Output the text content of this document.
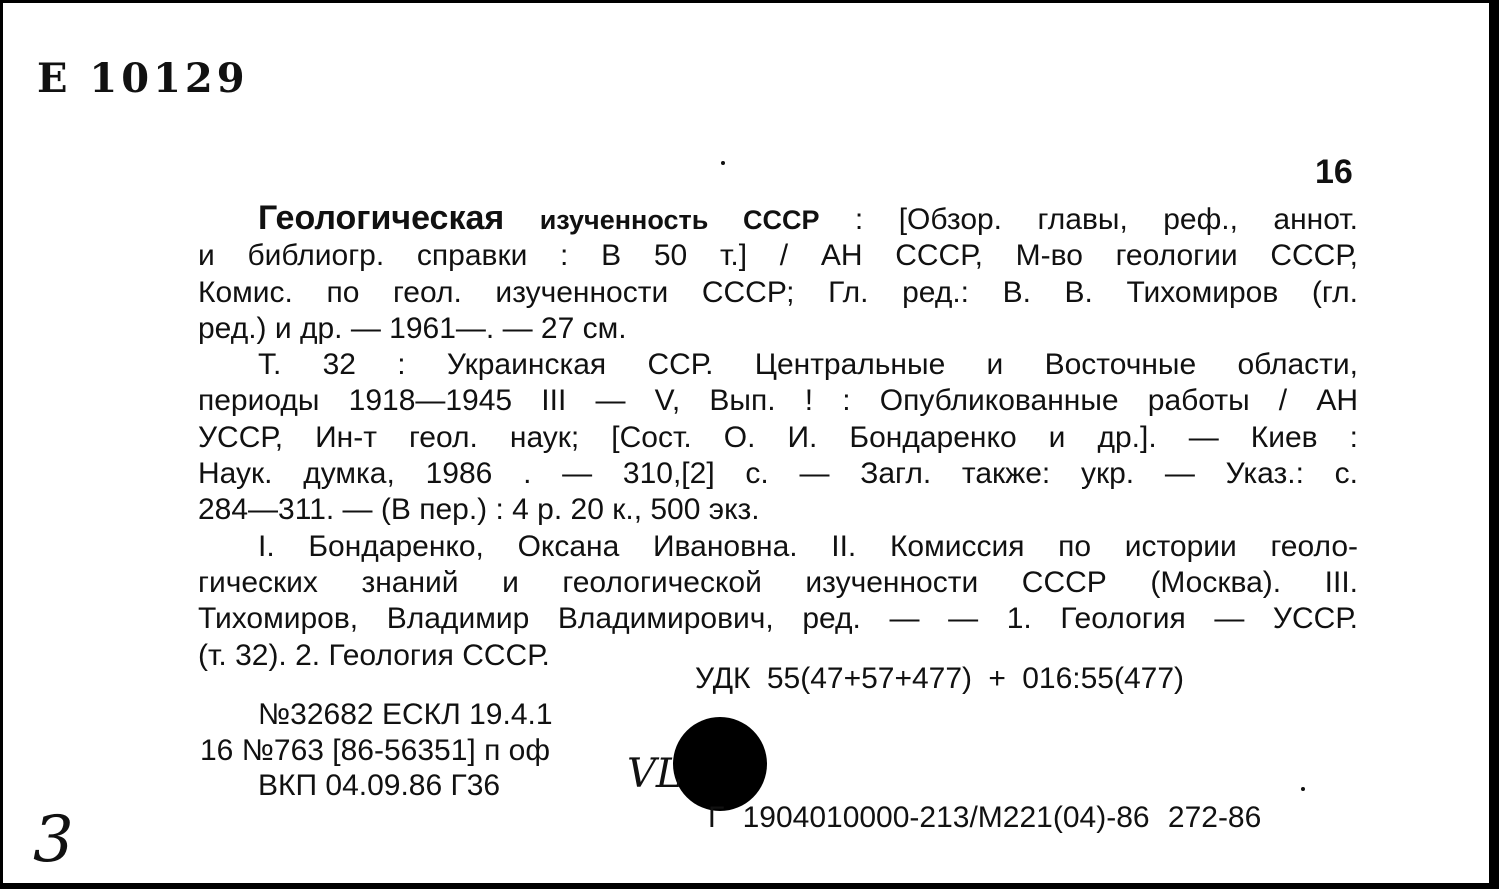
Е 10129
16

Геологическая изученность СССР : [Обзор. главы, реф., аннот.

и библиогр. справки : В 50 т.] / АН СССР, М-во геологии СССР,

Комис. по геол. изученности СССР; Гл. ред.: В. В. Тихомиров (гл.

ред.) и др. — 1961—. — 27 см.

Т. 32 : Украинская ССР. Центральные и Восточные области,

периоды 1918—1945 III — V, Вып. ! : Опубликованные работы / АН

УССР, Ин-т геол. наук; [Сост. О. И. Бондаренко и др.]. — Киев :

Наук. думка, 1986 . — 310,[2] с. — Загл. также: укр. — Указ.: с.

284—311. — (В пер.) : 4 р. 20 к., 500 экз.

I. Бондаренко, Оксана Ивановна. II. Комиссия по истории геоло-

гических знаний и геологической изученности СССР (Москва). III.

Тихомиров, Владимир Владимирович, ред. — — 1. Геология — УССР.

(т. 32). 2. Геология СССР.

УДК 55(47+57+477) + 016:55(477)
№32682 ЕСКЛ 19.4.1
16 №763 [86-56351] п оф
ВКП 04.09.86 Г36	VL
Г 1904010000-213/М221(04)-86 272-86
3
